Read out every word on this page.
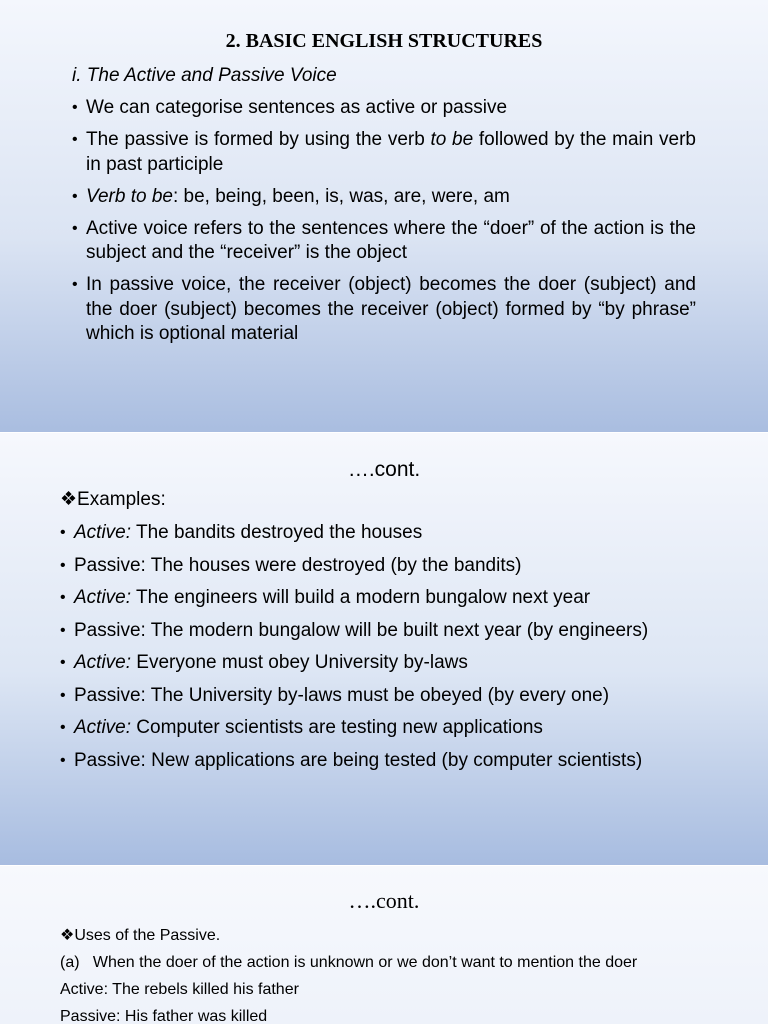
2. BASIC ENGLISH STRUCTURES
i. The Active and Passive Voice
• We can categorise sentences as active or passive
• The passive is formed by using the verb to be followed by the main verb in past participle
• Verb to be: be, being, been, is, was, are, were, am
• Active voice refers to the sentences where the “doer” of the action is the subject and the “receiver” is the object
• In passive voice, the receiver (object) becomes the doer (subject) and the doer (subject) becomes the receiver (object) formed by “by phrase” which is optional material
….cont.
❖Examples:
• Active: The bandits destroyed the houses
• Passive: The houses were destroyed (by the bandits)
• Active: The engineers will build a modern bungalow next year
• Passive: The modern bungalow will be built next year (by engineers)
• Active: Everyone must obey University by-laws
• Passive: The University by-laws must be obeyed (by every one)
• Active: Computer scientists are testing new applications
• Passive: New applications are being tested (by computer scientists)
….cont.
❖Uses of the Passive.
(a)   When the doer of the action is unknown or we don’t want to mention the doer
Active: The rebels killed his father
Passive: His father was killed
